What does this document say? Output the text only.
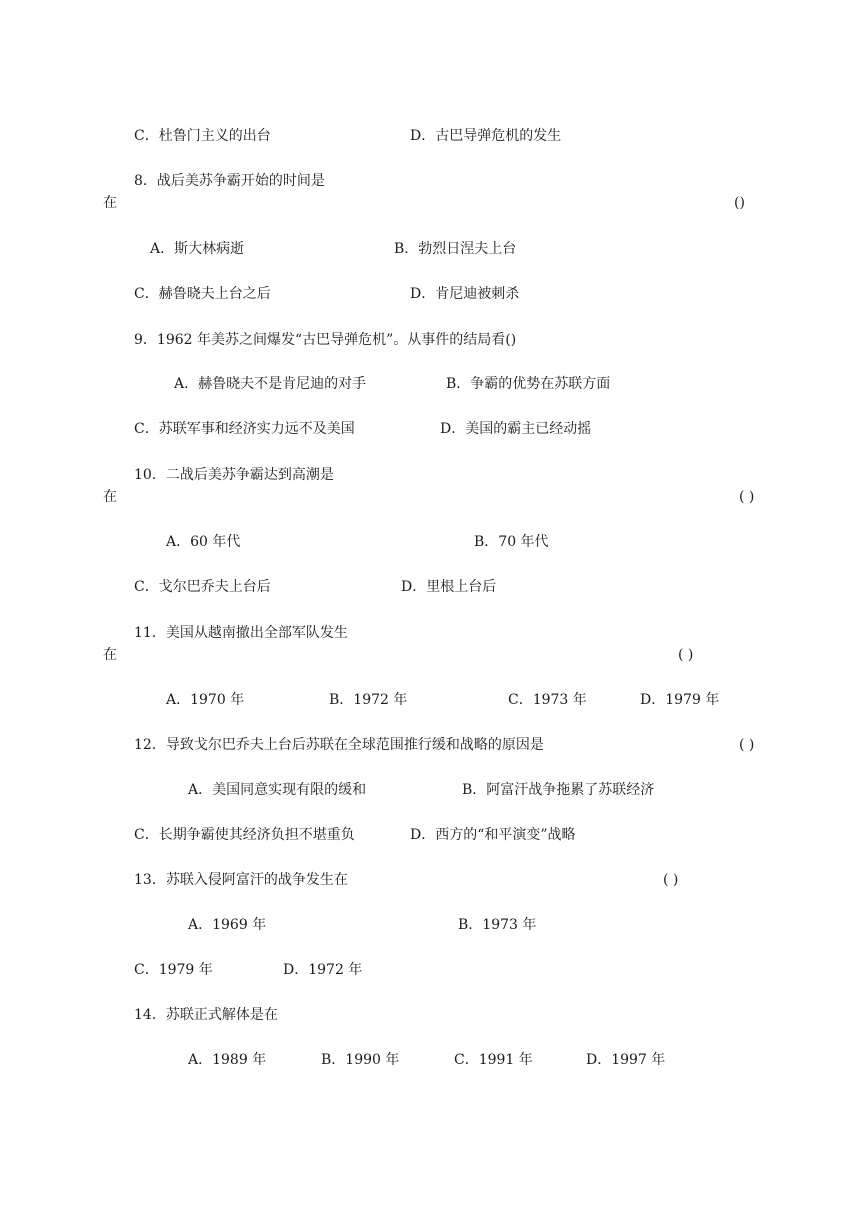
C．杜鲁门主义的出台	D．古巴导弹危机的发生
8．战后美苏争霸开始的时间是
在	()
A．斯大林病逝	B．勃烈日涅夫上台
C．赫鲁晓夫上台之后	D．肯尼迪被刺杀
9．1962 年美苏之间爆发“古巴导弹危机”。从事件的结局看()
A．赫鲁晓夫不是肯尼迪的对手	B．争霸的优势在苏联方面
C．苏联军事和经济实力远不及美国	D．美国的霸主已经动摇
10．二战后美苏争霸达到高潮是
在	( )
A．60 年代	B．70 年代
C．戈尔巴乔夫上台后	D．里根上台后
11．美国从越南撤出全部军队发生
在	( )
A．1970 年	B．1972 年	C．1973 年	D．1979 年
12．导致戈尔巴乔夫上台后苏联在全球范围推行缓和战略的原因是	( )
A．美国同意实现有限的缓和	B．阿富汗战争拖累了苏联经济
C．长期争霸使其经济负担不堪重负	D．西方的“和平演变”战略
13．苏联入侵阿富汗的战争发生在	( )
A．1969 年	B．1973 年
C．1979 年	D．1972 年
14．苏联正式解体是在
A．1989 年	B．1990 年	C．1991 年	D．1997 年
